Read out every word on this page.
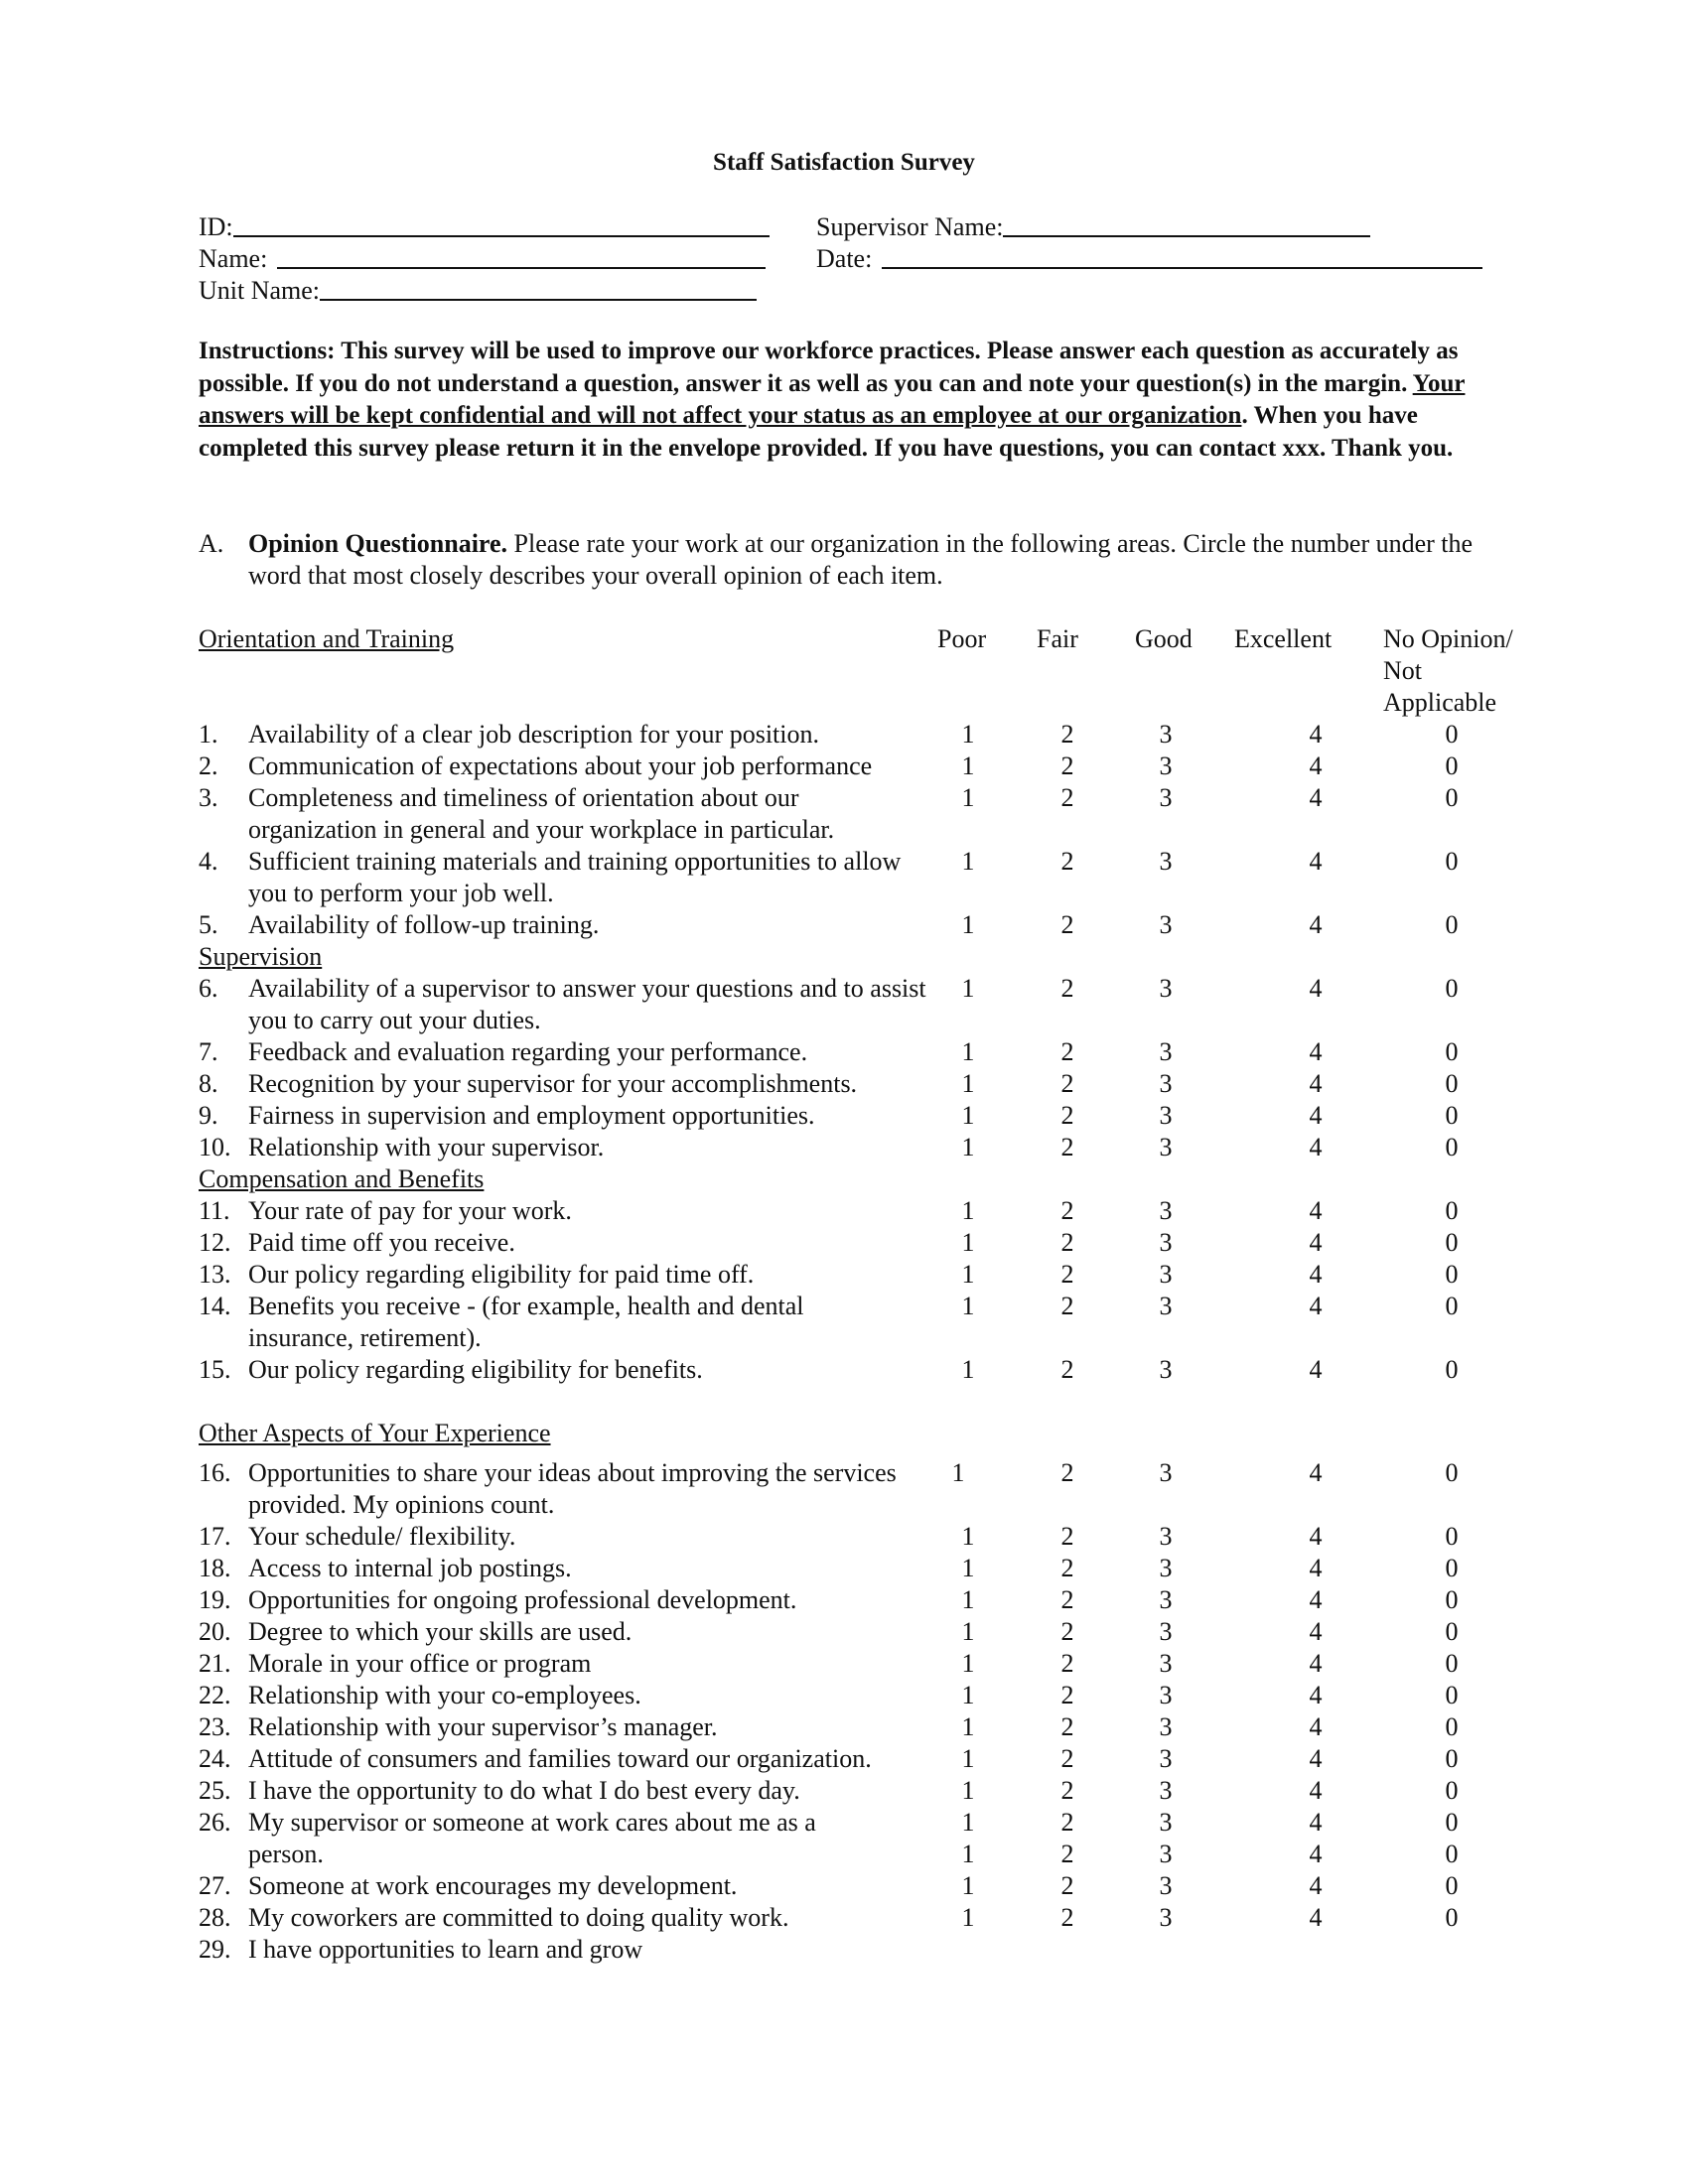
Staff Satisfaction Survey
ID:
Name:
Unit Name:
Supervisor Name:
Date:
Instructions: This survey will be used to improve our workforce practices. Please answer each question as accurately as possible. If you do not understand a question, answer it as well as you can and note your question(s) in the margin. Your answers will be kept confidential and will not affect your status as an employee at our organization. When you have completed this survey please return it in the envelope provided. If you have questions, you can contact xxx. Thank you.
A. Opinion Questionnaire. Please rate your work at our organization in the following areas. Circle the number under the word that most closely describes your overall opinion of each item.
Orientation and Training	Poor Fair Good Excellent No Opinion/
Not
Applicable
1. Availability of a clear job description for your position.	1	2	3	4	0
2. Communication of expectations about your job performance	1	2	3	4	0
3. Completeness and timeliness of orientation about our organization in general and your workplace in particular.
1	2	3	4	0
4. Sufficient training materials and training opportunities to allow you to perform your job well.
1	2	3	4	0
5. Availability of follow-up training.	1	2	3	4	0
Supervision
6. Availability of a supervisor to answer your questions and to assist you to carry out your duties.
1	2	3	4	0
7. Feedback and evaluation regarding your performance.	1	2	3	4	0
8. Recognition by your supervisor for your accomplishments.	1	2	3	4	0
9. Fairness in supervision and employment opportunities.	1	2	3	4	0
10. Relationship with your supervisor.	1	2	3	4	0
Compensation and Benefits
11. Your rate of pay for your work.	1	2	3	4	0
12. Paid time off you receive.	1	2	3	4	0
13. Our policy regarding eligibility for paid time off.	1	2	3	4	0
14. Benefits you receive - (for example, health and dental insurance, retirement).
1	2	3	4	0
15. Our policy regarding eligibility for benefits.	1	2	3	4	0
Other Aspects of Your Experience
16. Opportunities to share your ideas about improving the services provided. My opinions count.
1	2	3	4	0
17. Your schedule/ flexibility.	1	2	3	4	0
18. Access to internal job postings.	1	2	3	4	0
19. Opportunities for ongoing professional development.	1	2	3	4	0
20. Degree to which your skills are used.	1	2	3	4	0
21. Morale in your office or program	1	2	3	4	0
22. Relationship with your co-employees.	1	2	3	4	0
23. Relationship with your supervisor’s manager.	1	2	3	4	0
24. Attitude of consumers and families toward our organization.	1	2	3	4	0
25. I have the opportunity to do what I do best every day.	1	2	3	4	0
26. My supervisor or someone at work cares about me as a	1	2	3	4	0
person.	1	2	3	4	0
27. Someone at work encourages my development.	1	2	3	4	0
28. My coworkers are committed to doing quality work.	1	2	3	4	0
29. I have opportunities to learn and grow
